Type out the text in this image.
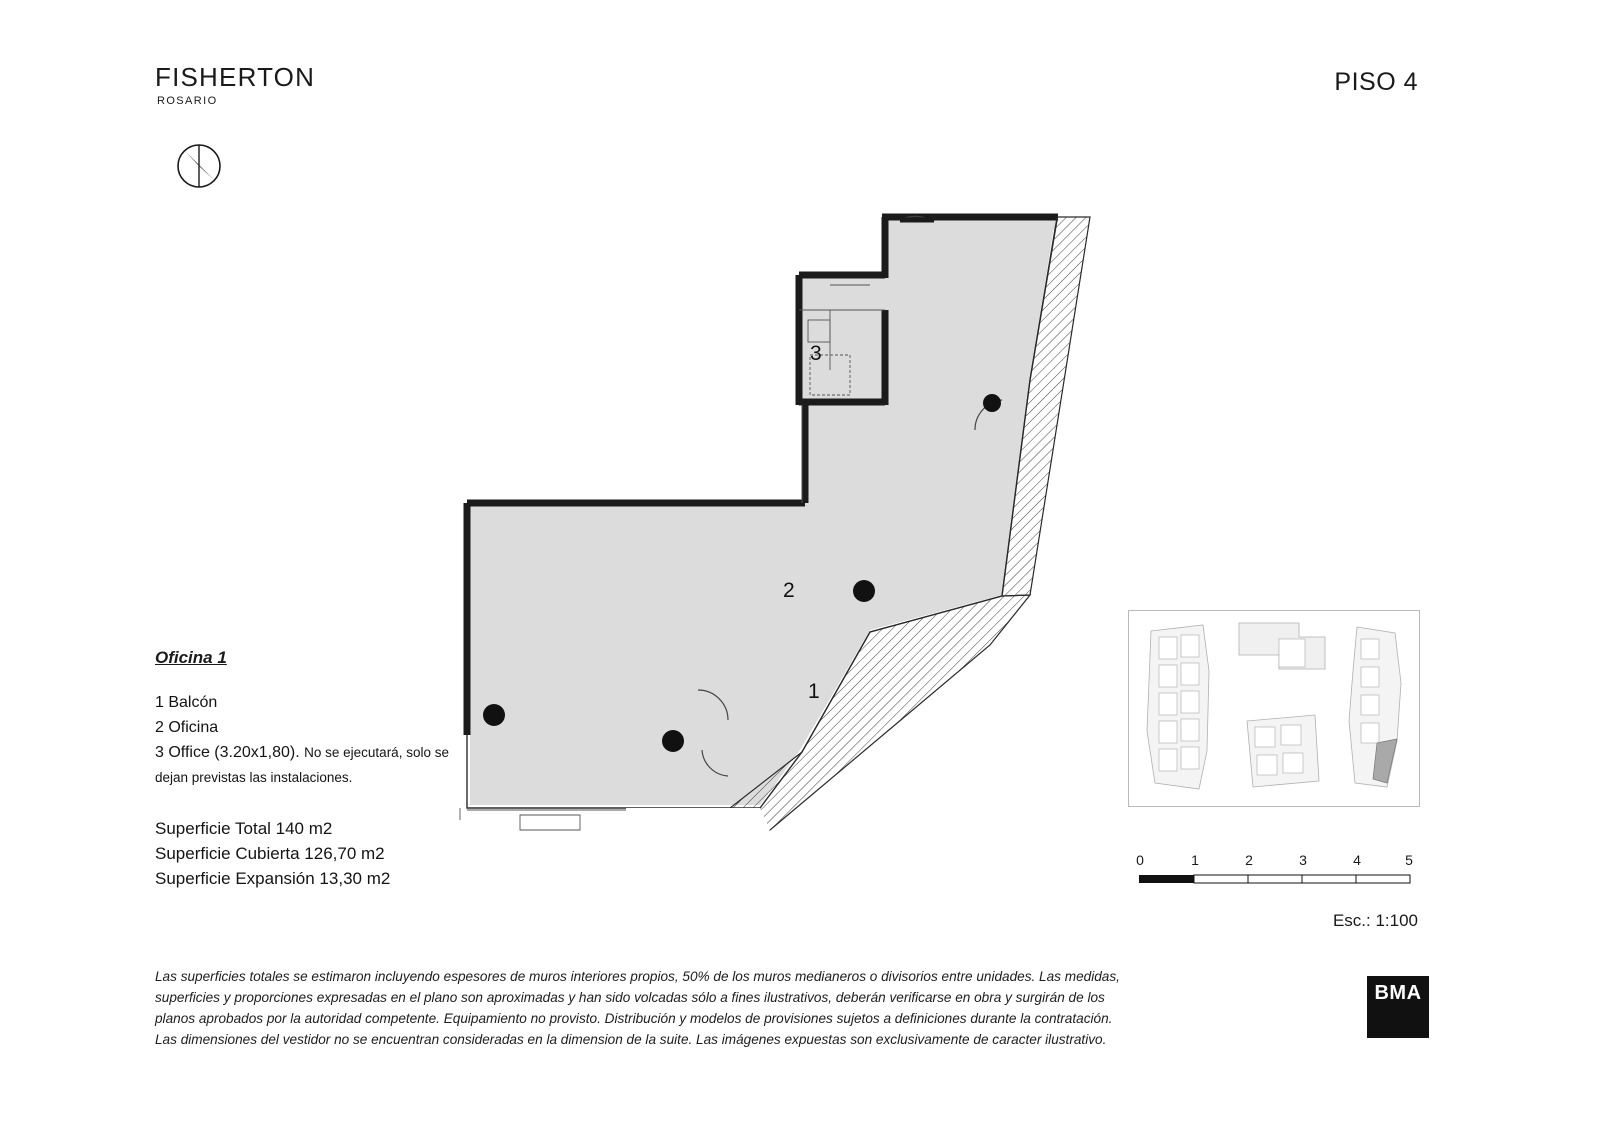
FISHERTON
ROSARIO
PISO 4
3
2
1
Oficina 1
1 Balcón
2 Oficina
3 Office (3.20x1,80). No se ejecutará, solo se dejan previstas las instalaciones.
Superficie Total 140 m2
Superficie Cubierta 126,70 m2
Superficie Expansión 13,30 m2
0	1	2	3	4	5
Esc.: 1:100

Las superficies totales se estimaron incluyendo espesores de muros interiores propios, 50% de los muros medianeros o divisorios entre unidades. Las medidas,

superficies y proporciones expresadas en el plano son aproximadas y han sido volcadas sólo a fines ilustrativos, deberán verificarse en obra y surgirán de los

planos aprobados por la autoridad competente. Equipamiento no provisto. Distribución y modelos de provisiones sujetos a definiciones durante la contratación.

Las dimensiones del vestidor no se encuentran consideradas en la dimension de la suite. Las imágenes expuestas son exclusivamente de caracter ilustrativo.

BMA
